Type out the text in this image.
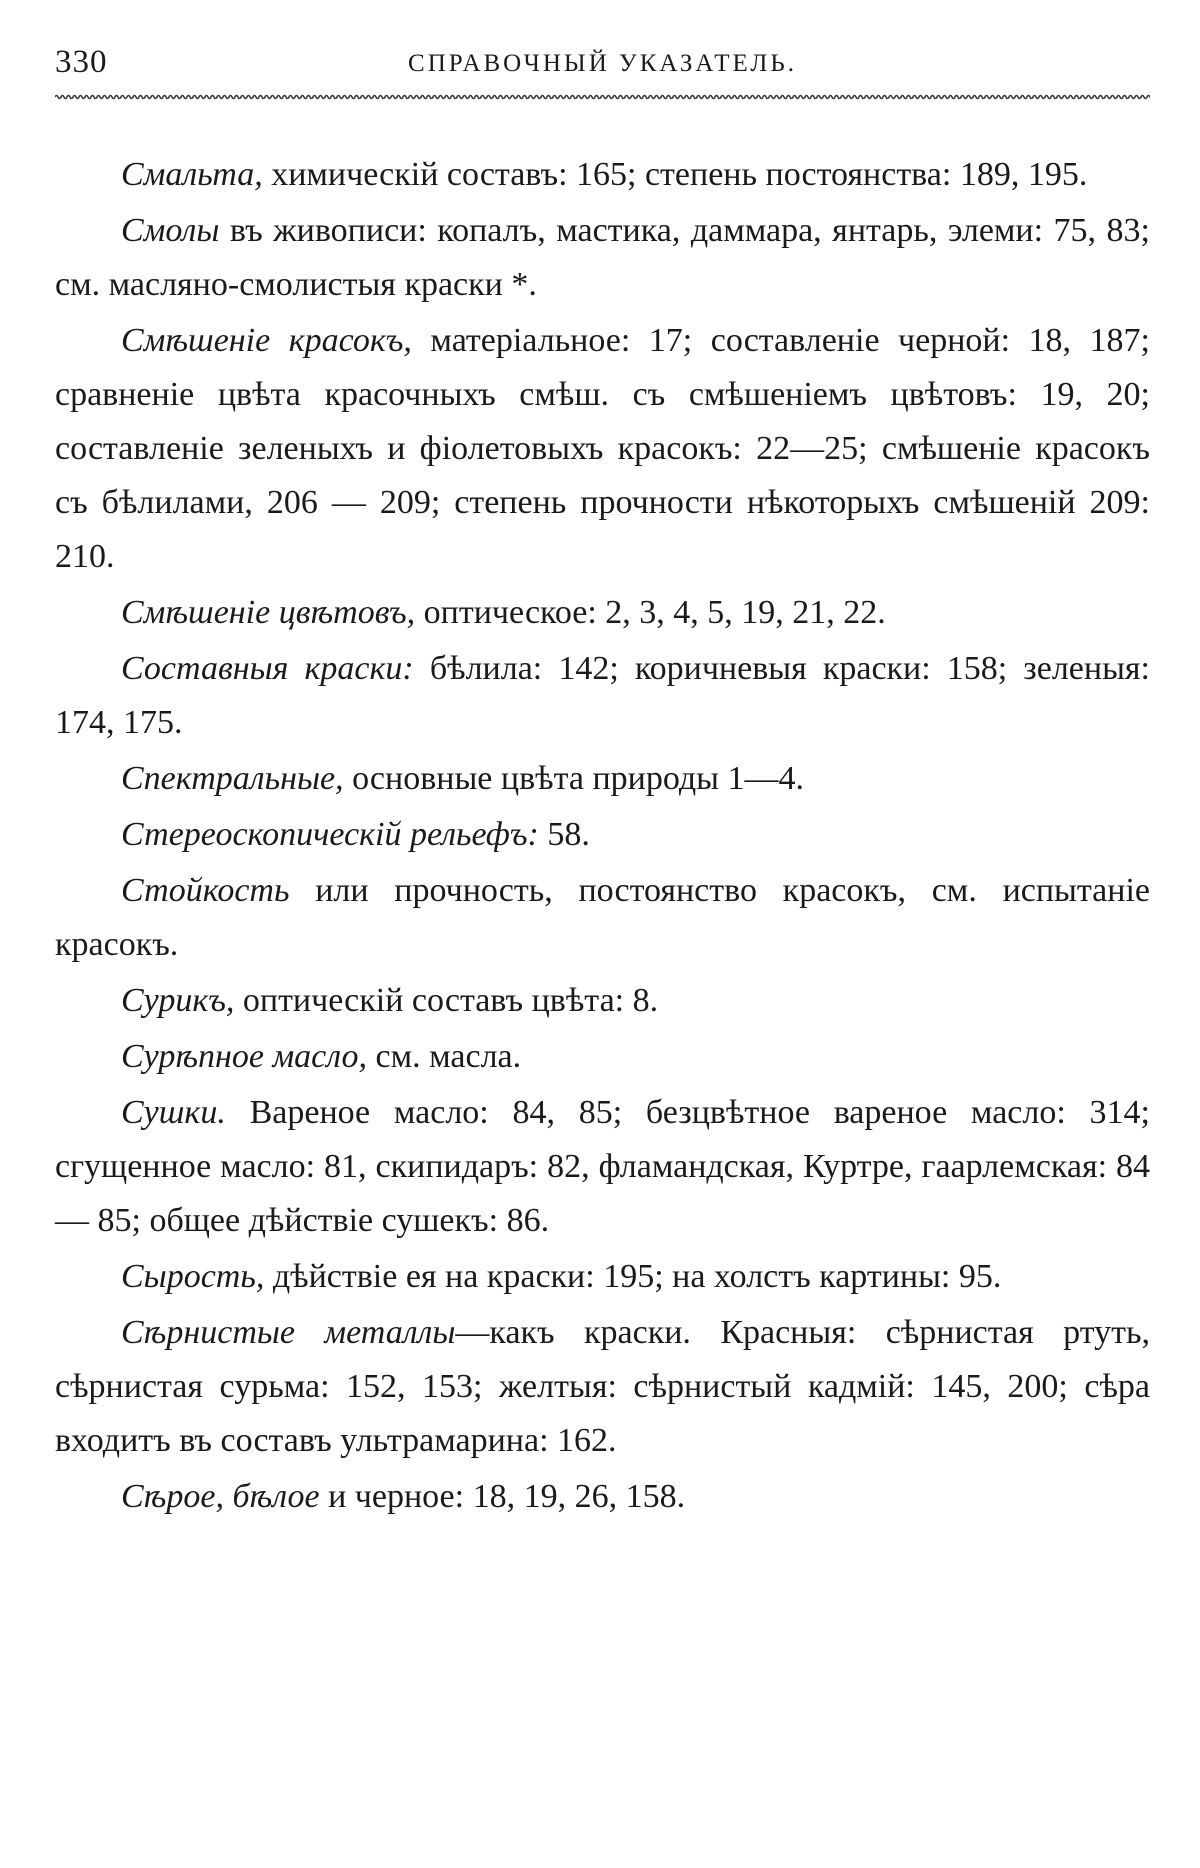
330	СПРАВОЧНЫЙ УКАЗАТЕЛЬ.

Смальта, химическій составъ: 165; степень постоянства: 189, 195.

Смолы въ живописи: копалъ, мастика, даммара, янтарь, элеми: 75, 83; см. масляно-смолистыя краски *.

Смѣшеніе красокъ, матеріальное: 17; составленіе черной: 18, 187; сравненіе цвѣта красочныхъ смѣш. съ смѣшеніемъ цвѣтовъ: 19, 20; составленіе зеленыхъ и фіолетовыхъ красокъ: 22—25; смѣшеніе красокъ съ бѣлилами, 206 — 209; степень прочности нѣкоторыхъ смѣшеній 209: 210.

Смѣшеніе цвѣтовъ, оптическое: 2, 3, 4, 5, 19, 21, 22.

Составныя краски: бѣлила: 142; коричневыя краски: 158; зеленыя: 174, 175.

Спектральные, основные цвѣта природы 1—4.

Стереоскопическій рельефъ: 58.

Стойкость или прочность, постоянство красокъ, см. испытаніе красокъ.

Сурикъ, оптическій составъ цвѣта: 8.

Сурѣпное масло, см. масла.

Сушки. Вареное масло: 84, 85; безцвѣтное вареное масло: 314; сгущенное масло: 81, скипидаръ: 82, фламандская, Куртре, гаарлемская: 84 — 85; общее дѣйствіе сушекъ: 86.

Сырость, дѣйствіе ея на краски: 195; на холстъ картины: 95.

Сѣрнистые металлы—какъ краски. Красныя: сѣрнистая ртуть, сѣрнистая сурьма: 152, 153; желтыя: сѣрнистый кадмій: 145, 200; сѣра входитъ въ составъ ультрамарина: 162.

Сѣрое, бѣлое и черное: 18, 19, 26, 158.
